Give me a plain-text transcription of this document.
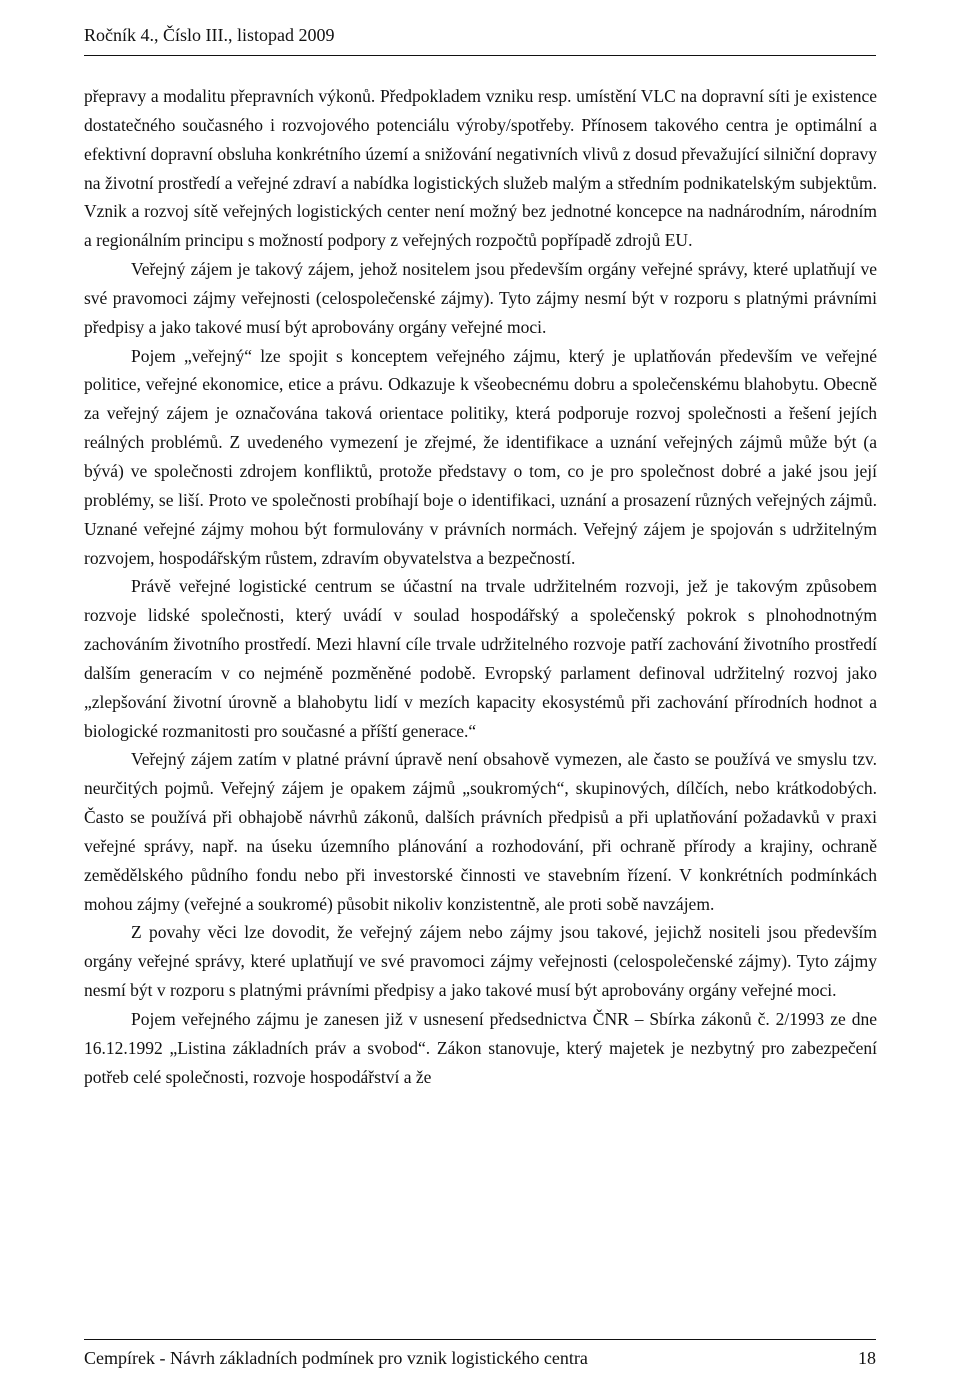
Ročník 4., Číslo III., listopad 2009

přepravy a modalitu přepravních výkonů. Předpokladem vzniku resp. umístění VLC na dopravní síti je existence dostatečného současného i rozvojového potenciálu výroby/spotřeby. Přínosem takového centra je optimální a efektivní dopravní obsluha konkrétního území a snižování negativních vlivů z dosud převažující silniční dopravy na životní prostředí a veřejné zdraví a nabídka logistických služeb malým a středním podnikatelským subjektům. Vznik a rozvoj sítě veřejných logistických center není možný bez jednotné koncepce na nadnárodním, národním a regionálním principu s možností podpory z veřejných rozpočtů popřípadě zdrojů EU.

Veřejný zájem je takový zájem, jehož nositelem jsou především orgány veřejné správy, které uplatňují ve své pravomoci zájmy veřejnosti (celospolečenské zájmy). Tyto zájmy nesmí být v rozporu s platnými právními předpisy a jako takové musí být aprobovány orgány veřejné moci.

Pojem „veřejný“ lze spojit s konceptem veřejného zájmu, který je uplatňován především ve veřejné politice, veřejné ekonomice, etice a právu. Odkazuje k všeobecnému dobru a společenskému blahobytu. Obecně za veřejný zájem je označována taková orientace politiky, která podporuje rozvoj společnosti a řešení jejích reálných problémů. Z uvedeného vymezení je zřejmé, že identifikace a uznání veřejných zájmů může být (a bývá) ve společnosti zdrojem konfliktů, protože představy o tom, co je pro společnost dobré a jaké jsou její problémy, se liší. Proto ve společnosti probíhají boje o identifikaci, uznání a prosazení různých veřejných zájmů. Uznané veřejné zájmy mohou být formulovány v právních normách. Veřejný zájem je spojován s udržitelným rozvojem, hospodářským růstem, zdravím obyvatelstva a bezpečností.

Právě veřejné logistické centrum se účastní na trvale udržitelném rozvoji, jež je takovým způsobem rozvoje lidské společnosti, který uvádí v soulad hospodářský a společenský pokrok s plnohodnotným zachováním životního prostředí. Mezi hlavní cíle trvale udržitelného rozvoje patří zachování životního prostředí dalším generacím v co nejméně pozměněné podobě. Evropský parlament definoval udržitelný rozvoj jako „zlepšování životní úrovně a blahobytu lidí v mezích kapacity ekosystémů při zachování přírodních hodnot a biologické rozmanitosti pro současné a příští generace.“

Veřejný zájem zatím v platné právní úpravě není obsahově vymezen, ale často se používá ve smyslu tzv. neurčitých pojmů. Veřejný zájem je opakem zájmů „soukromých“, skupinových, dílčích, nebo krátkodobých. Často se používá při obhajobě návrhů zákonů, dalších právních předpisů a při uplatňování požadavků v praxi veřejné správy, např. na úseku územního plánování a rozhodování, při ochraně přírody a krajiny, ochraně zemědělského půdního fondu nebo při investorské činnosti ve stavebním řízení. V konkrétních podmínkách mohou zájmy (veřejné a soukromé) působit nikoliv konzistentně, ale proti sobě navzájem.

Z povahy věci lze dovodit, že veřejný zájem nebo zájmy jsou takové, jejichž nositeli jsou především orgány veřejné správy, které uplatňují ve své pravomoci zájmy veřejnosti (celospolečenské zájmy). Tyto zájmy nesmí být v rozporu s platnými právními předpisy a jako takové musí být aprobovány orgány veřejné moci.

Pojem veřejného zájmu je zanesen již v usnesení předsednictva ČNR – Sbírka zákonů č. 2/1993 ze dne 16.12.1992 „Listina základních práv a svobod“. Zákon stanovuje, který majetek je nezbytný pro zabezpečení potřeb celé společnosti, rozvoje hospodářství a že

Cempírek - Návrh základních podmínek pro vznik logistického centra	18
